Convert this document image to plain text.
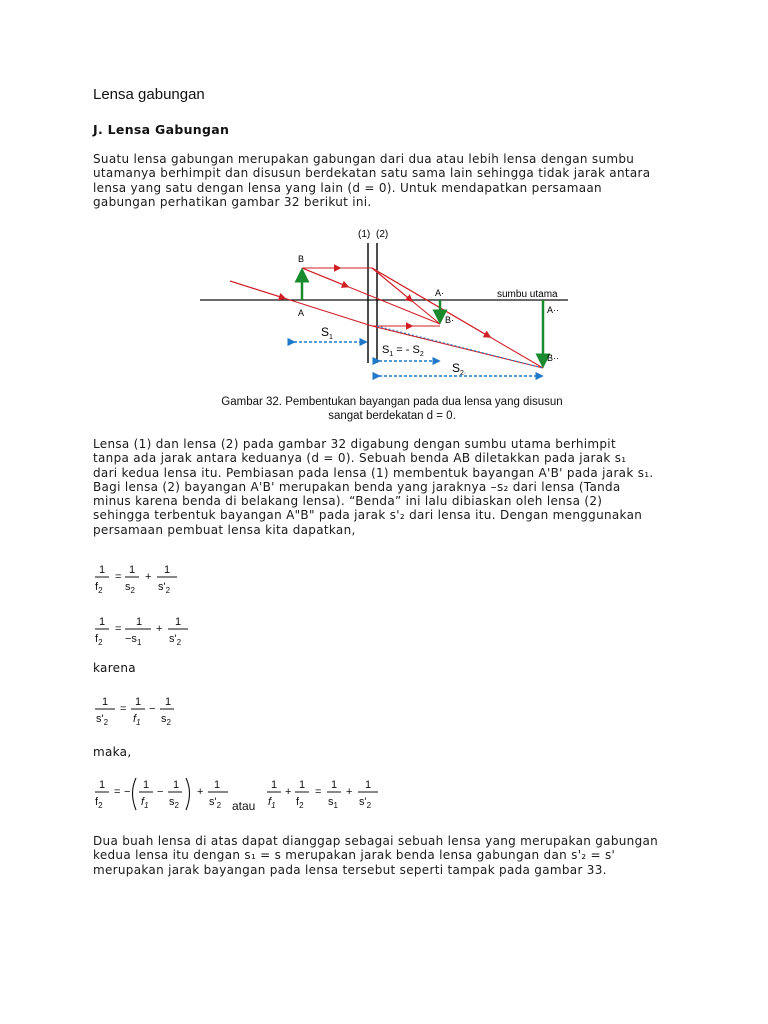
Lensa gabungan
J. Lensa Gabungan
Suatu lensa gabungan merupakan gabungan dari dua atau lebih lensa dengan sumbu
utamanya berhimpit dan disusun berdekatan satu sama lain sehingga tidak jarak antara
lensa yang satu dengan lensa yang lain (d = 0). Untuk mendapatkan persamaan
gabungan perhatikan gambar 32 berikut ini.
(1) (2)
sumbu utama
B
A
A·
B·
A··
B··
$S_1$
$S_1$ = - $S_2$
$S_{2\cdot}$
Gambar 32. Pembentukan bayangan pada dua lensa yang disusun
sangat berdekatan d = 0.
Lensa (1) dan lensa (2) pada gambar 32 digabung dengan sumbu utama berhimpit
tanpa ada jarak antara keduanya (d = 0). Sebuah benda AB diletakkan pada jarak s₁
dari kedua lensa itu. Pembiasan pada lensa (1) membentuk bayangan A'B' pada jarak s₁.
Bagi lensa (2) bayangan A'B' merupakan benda yang jaraknya –s₂ dari lensa (Tanda
minus karena benda di belakang lensa). “Benda” ini lalu dibiaskan oleh lensa (2)
sehingga terbentuk bayangan A"B" pada jarak s'₂ dari lensa itu. Dengan menggunakan
persamaan pembuat lensa kita dapatkan,
1
$f_2$
=
1
$s_2$
+
1
$s'_2$
1
$f_2$
=
1
$-s_1$
+
1
$s'_2$
karena
1
$s'_2$
=
1
$f_1$
−
1
$s_2$
maka,
1
$f_2$
= −
1
$f_1$
−
1
$s_2$
+
1
$s'_2$ atau
1
$f_1$
+
1
$f_2$
=
1
$s_1$
+
1
$s'_2$
Dua buah lensa di atas dapat dianggap sebagai sebuah lensa yang merupakan gabungan
kedua lensa itu dengan s₁ = s merupakan jarak benda lensa gabungan dan s'₂ = s'
merupakan jarak bayangan pada lensa tersebut seperti tampak pada gambar 33.
